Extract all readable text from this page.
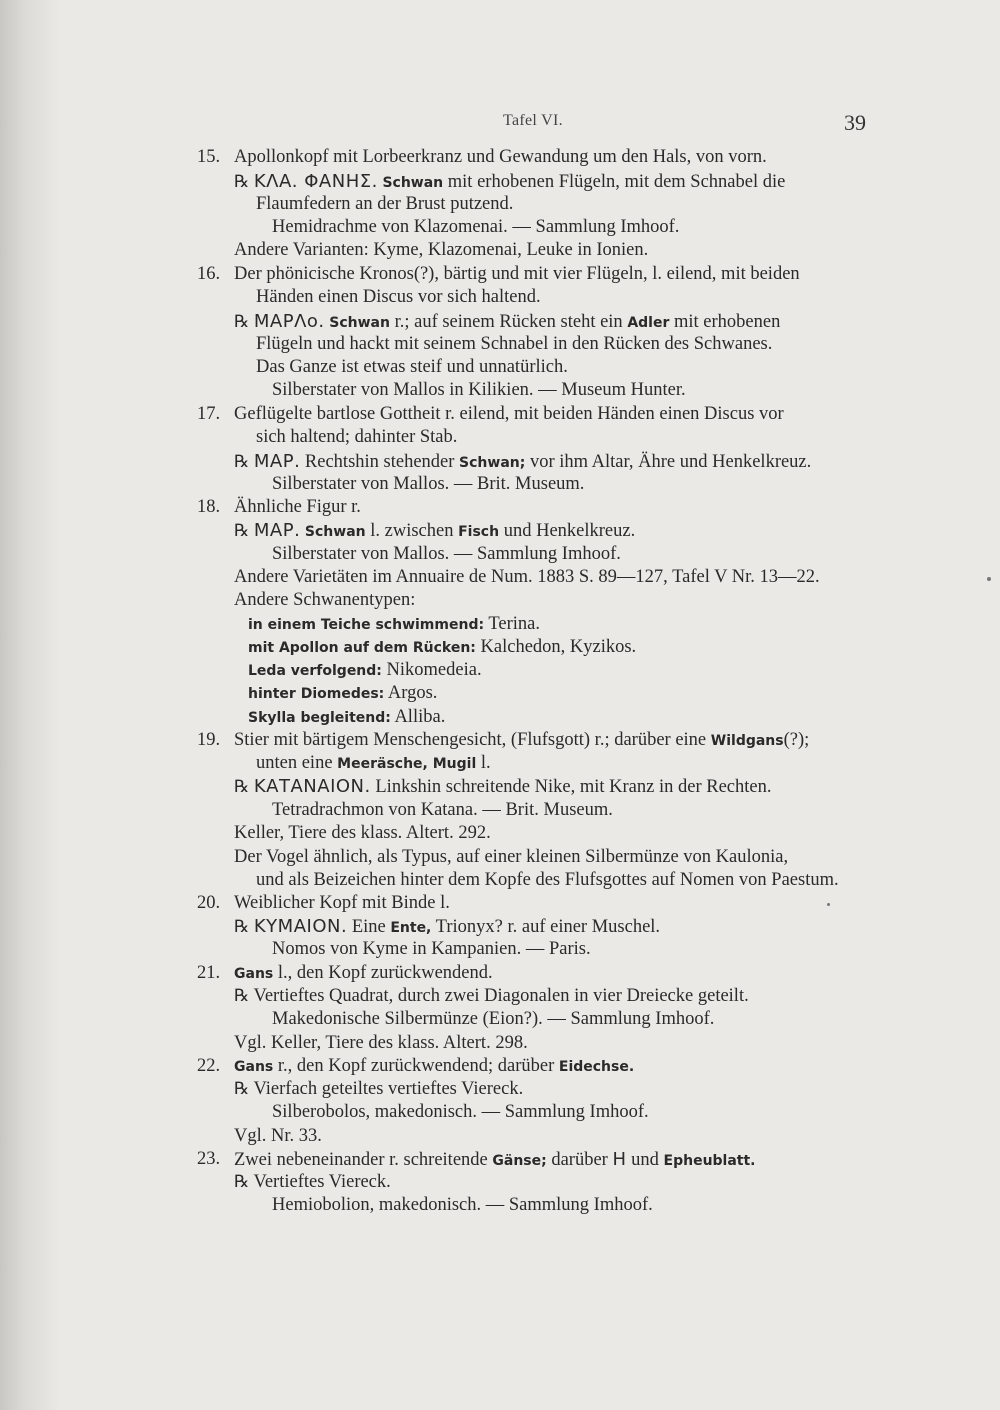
Tafel VI.	39
15. Apollonkopf mit Lorbeerkranz und Gewandung um den Hals, von vorn.
℞ ΚΛΑ. ΦΑΝΗΣ. Schwan mit erhobenen Flügeln, mit dem Schnabel die
Flaumfedern an der Brust putzend.
Hemidrachme von Klazomenai. — Sammlung Imhoof.
Andere Varianten: Kyme, Klazomenai, Leuke in Ionien.
16. Der phönicische Kronos(?), bärtig und mit vier Flügeln, l. eilend, mit beiden
Händen einen Discus vor sich haltend.
℞ ΜΑΡΛο. Schwan r.; auf seinem Rücken steht ein Adler mit erhobenen
Flügeln und hackt mit seinem Schnabel in den Rücken des Schwanes.
Das Ganze ist etwas steif und unnatürlich.
Silberstater von Mallos in Kilikien. — Museum Hunter.
17. Geflügelte bartlose Gottheit r. eilend, mit beiden Händen einen Discus vor
sich haltend; dahinter Stab.
℞ ΜΑΡ. Rechtshin stehender Schwan; vor ihm Altar, Ähre und Henkelkreuz.
Silberstater von Mallos. — Brit. Museum.
18. Ähnliche Figur r.
℞ ΜΑΡ. Schwan l. zwischen Fisch und Henkelkreuz.
Silberstater von Mallos. — Sammlung Imhoof.
Andere Varietäten im Annuaire de Num. 1883 S. 89—127, Tafel V Nr. 13—22.
Andere Schwanentypen:
in einem Teiche schwimmend: Terina.
mit Apollon auf dem Rücken: Kalchedon, Kyzikos.
Leda verfolgend: Nikomedeia.
hinter Diomedes: Argos.
Skylla begleitend: Alliba.
19. Stier mit bärtigem Menschengesicht, (Flufsgott) r.; darüber eine Wildgans(?);
unten eine Meeräsche, Mugil l.
℞ ΚΑΤΑΝΑΙΟΝ. Linkshin schreitende Nike, mit Kranz in der Rechten.
Tetradrachmon von Katana. — Brit. Museum.
Keller, Tiere des klass. Altert. 292.
Der Vogel ähnlich, als Typus, auf einer kleinen Silbermünze von Kaulonia,
und als Beizeichen hinter dem Kopfe des Flufsgottes auf Nomen von Paestum.
20. Weiblicher Kopf mit Binde l.
℞ ΚΥΜΑΙΟΝ. Eine Ente, Trionyx? r. auf einer Muschel.
Nomos von Kyme in Kampanien. — Paris.
21. Gans l., den Kopf zurückwendend.
℞ Vertieftes Quadrat, durch zwei Diagonalen in vier Dreiecke geteilt.
Makedonische Silbermünze (Eion?). — Sammlung Imhoof.
Vgl. Keller, Tiere des klass. Altert. 298.
22. Gans r., den Kopf zurückwendend; darüber Eidechse.
℞ Vierfach geteiltes vertieftes Viereck.
Silberobolos, makedonisch. — Sammlung Imhoof.
Vgl. Nr. 33.
23. Zwei nebeneinander r. schreitende Gänse; darüber Η und Epheublatt.
℞ Vertieftes Viereck.
Hemiobolion, makedonisch. — Sammlung Imhoof.
